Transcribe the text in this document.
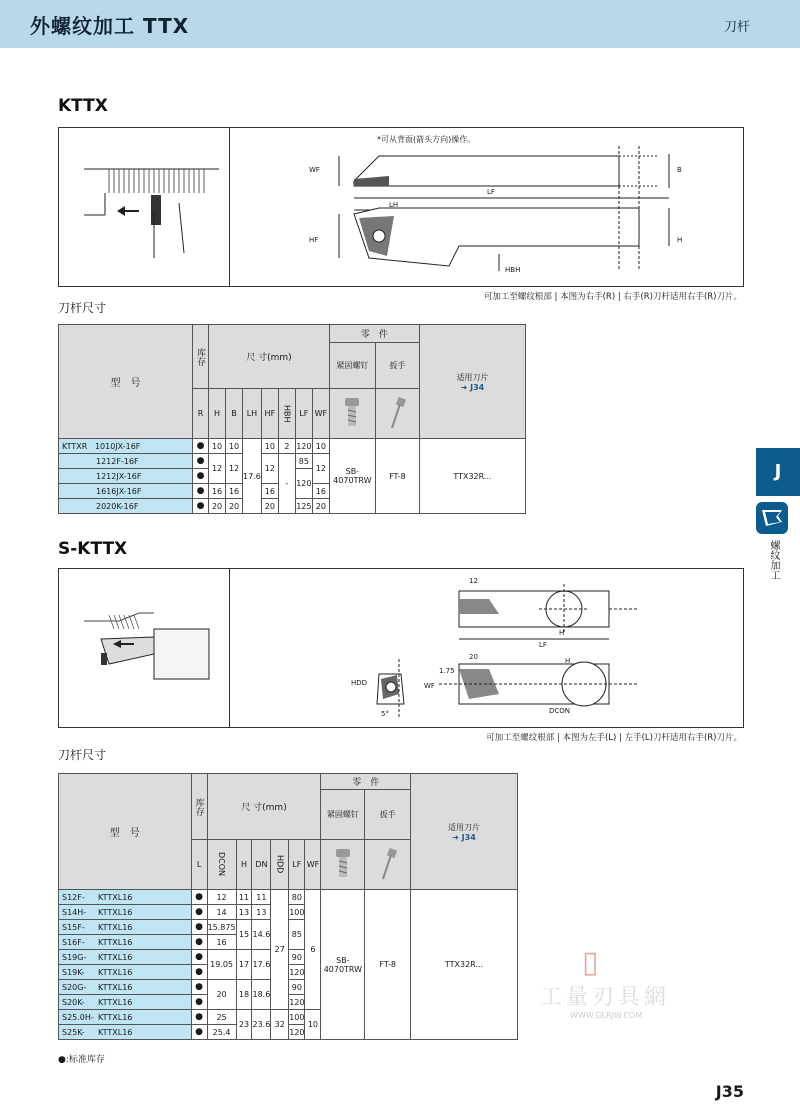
外螺纹加工 TTX	刀杆
J
螺纹加工
KTTX
*可从背面(箭头方向)操作。
WF	B
LF
LH
HF	H
HBH
可加工至螺纹根部 | 本图为右手(R) | 右手(R)刀杆适用右手(R)刀片。
刀杆尺寸
型　号	库存	尺 寸(mm)							零　件		适用刀片
➜ J34
									紧固螺钉	扳手	
	R	H	B	LH	HF	HBH	LF	WF		
KTTXR 1010JX-16F	●	10	10	17.6	10	2	120	10	SB-4070TRW	FT-8	TTX32R...
1212F-16F	●	12	12		12	-	85	12			
1212JX-16F	●						120				
1616JX-16F	●	16	16		16			16			
2020K-16F	●	20	20		20		125	20			
S-KTTX
12
H
LF
20
1.75
WF
HDD
H
DCON
5°
可加工至螺纹根部 | 本图为左手(L) | 左手(L)刀杆适用右手(R)刀片。
刀杆尺寸
型　号	库存	尺 寸(mm)						零　件		适用刀片
➜ J34
								紧固螺钉	扳手	
	L	DCON	H	DN	HDD	LF	WF		
S12F- KTTXL16	●	12	11	11	27	80	6	SB-4070TRW	FT-8	TTX32R...
S14H- KTTXL16	●	14	13	13		100				
S15F- KTTXL16	●	15.875	15	14.6		85				
S16F- KTTXL16	●	16								
S19G- KTTXL16	●	19.05	17	17.6		90				
S19K- KTTXL16	●					120				
S20G- KTTXL16	●	20	18	18.6		90				
S20K- KTTXL16	●					120				
S25.0H- KTTXL16	●	25	23	23.6	32	100	10			
S25K- KTTXL16	●	25.4				120				
▯
工量刃具網
WWW.GLRJW.COM
●:标准库存
J35
